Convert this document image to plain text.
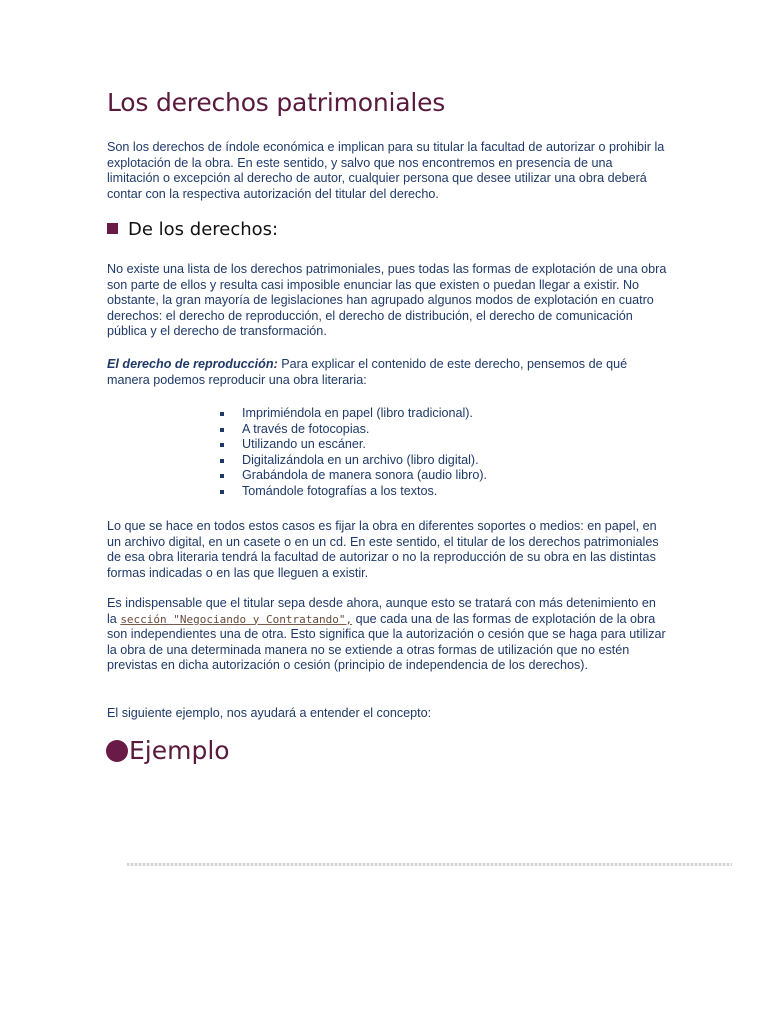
Los derechos patrimoniales

Son los derechos de índole económica e implican para su titular la facultad de autorizar o prohibir la explotación de la obra. En este sentido, y salvo que nos encontremos en presencia de una limitación o excepción al derecho de autor, cualquier persona que desee utilizar una obra deberá contar con la respectiva autorización del titular del derecho.

De los derechos:

No existe una lista de los derechos patrimoniales, pues todas las formas de explotación de una obra son parte de ellos y resulta casi imposible enunciar las que existen o puedan llegar a existir. No obstante, la gran mayoría de legislaciones han agrupado algunos modos de explotación en cuatro derechos: el derecho de reproducción, el derecho de distribución, el derecho de comunicación pública y el derecho de transformación.

El derecho de reproducción: Para explicar el contenido de este derecho, pensemos de qué manera podemos reproducir una obra literaria:

Imprimiéndola en papel (libro tradicional).
A través de fotocopias.
Utilizando un escáner.
Digitalizándola en un archivo (libro digital).
Grabándola de manera sonora (audio libro).
Tomándole fotografías a los textos.

Lo que se hace en todos estos casos es fijar la obra en diferentes soportes o medios: en papel, en un archivo digital, en un casete o en un cd. En este sentido, el titular de los derechos patrimoniales de esa obra literaria tendrá la facultad de autorizar o no la reproducción de su obra en las distintas formas indicadas o en las que lleguen a existir.

Es indispensable que el titular sepa desde ahora, aunque esto se tratará con más detenimiento en la sección "Negociando y Contratando", que cada una de las formas de explotación de la obra son independientes una de otra. Esto significa que la autorización o cesión que se haga para utilizar la obra de una determinada manera no se extiende a otras formas de utilización que no estén previstas en dicha autorización o cesión (principio de independencia de los derechos).

El siguiente ejemplo, nos ayudará a entender el concepto:

Ejemplo
